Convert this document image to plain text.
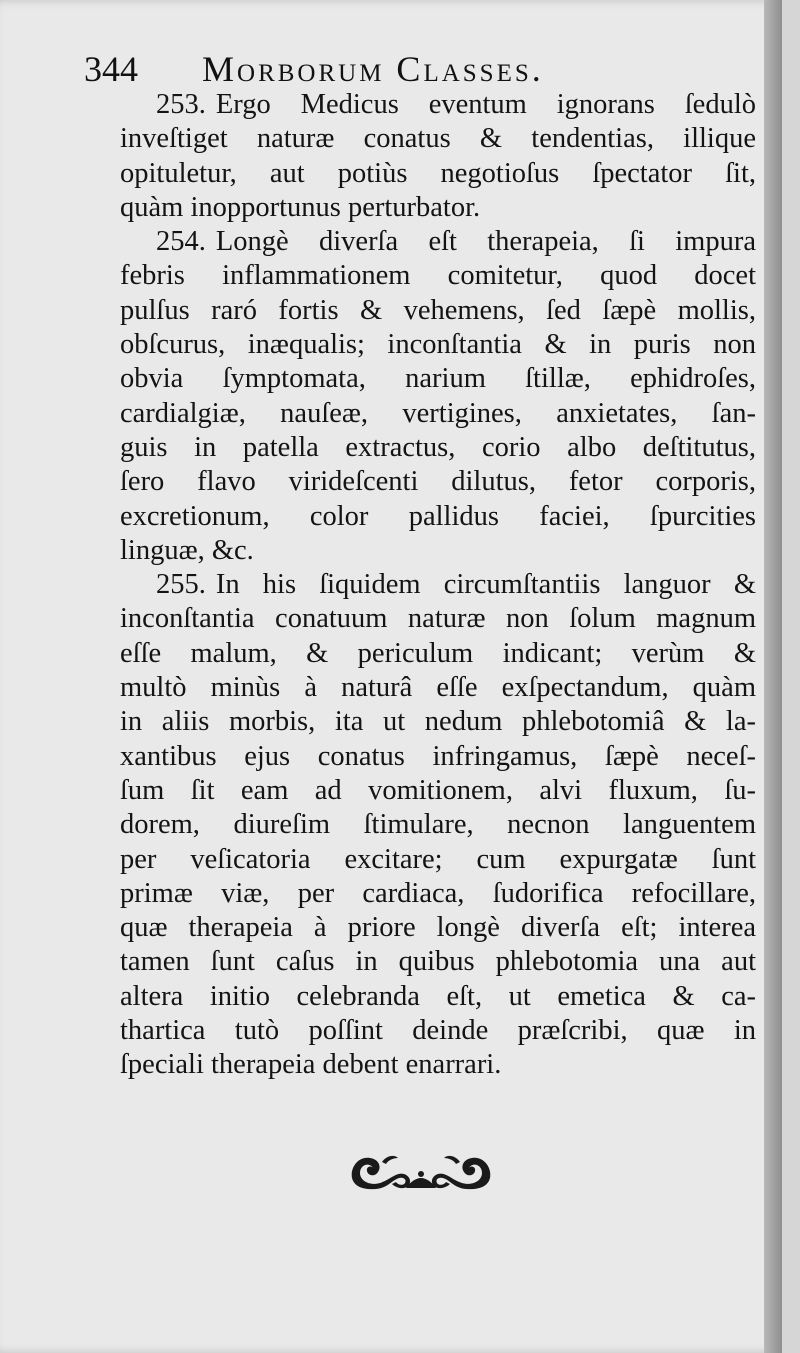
344 Morborum Classes.
253. Ergo Medicus eventum ignorans ſedulò
inveſtiget naturæ conatus & tendentias, illique
opituletur, aut potiùs negotioſus ſpectator ſit,
quàm inopportunus perturbator.
254. Longè diverſa eſt therapeia, ſi impura
febris inflammationem comitetur, quod docet
pulſus raró fortis & vehemens, ſed ſæpè mollis,
obſcurus, inæqualis; inconſtantia & in puris non
obvia ſymptomata, narium ſtillæ, ephidroſes,
cardialgiæ, nauſeæ, vertigines, anxietates, ſan-
guis in patella extractus, corio albo deſtitutus,
ſero flavo virideſcenti dilutus, fetor corporis,
excretionum, color pallidus faciei, ſpurcities
linguæ, &c.
255. In his ſiquidem circumſtantiis languor &
inconſtantia conatuum naturæ non ſolum magnum
eſſe malum, & periculum indicant; verùm &
multò minùs à naturâ eſſe exſpectandum, quàm
in aliis morbis, ita ut nedum phlebotomiâ & la-
xantibus ejus conatus infringamus, ſæpè neceſ-
ſum ſit eam ad vomitionem, alvi fluxum, ſu-
dorem, diureſim ſtimulare, necnon languentem
per veſicatoria excitare; cum expurgatæ ſunt
primæ viæ, per cardiaca, ſudorifica refocillare,
quæ therapeia à priore longè diverſa eſt; interea
tamen ſunt caſus in quibus phlebotomia una aut
altera initio celebranda eſt, ut emetica & ca-
thartica tutò poſſint deinde præſcribi, quæ in
ſpeciali therapeia debent enarrari.
